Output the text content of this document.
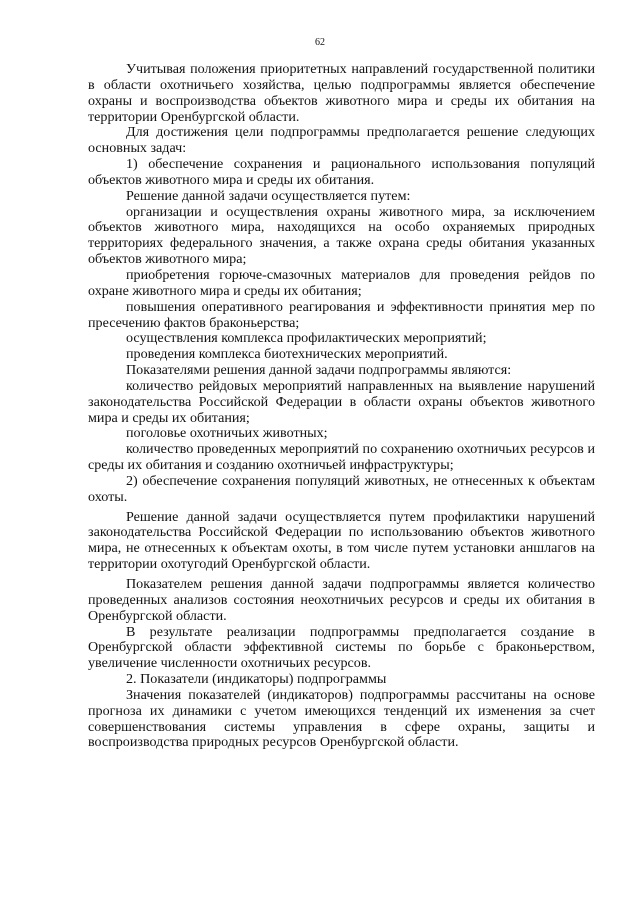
62

Учитывая положения приоритетных направлений государственной политики в области охотничьего хозяйства, целью подпрограммы является обеспечение охраны и воспроизводства объектов животного мира и среды их обитания на территории Оренбургской области.

Для достижения цели подпрограммы предполагается решение следующих основных задач:

1) обеспечение сохранения и рационального использования популяций объектов животного мира и среды их обитания.

Решение данной задачи осуществляется путем:

организации и осуществления охраны животного мира, за исключением объектов животного мира, находящихся на особо охраняемых природных территориях федерального значения, а также охрана среды обитания указанных объектов животного мира;

приобретения горюче-смазочных материалов для проведения рейдов по охране животного мира и среды их обитания;

повышения оперативного реагирования и эффективности принятия мер по пресечению фактов браконьерства;

осуществления комплекса профилактических мероприятий;

проведения комплекса биотехнических мероприятий.

Показателями решения данной задачи подпрограммы являются:

количество рейдовых мероприятий направленных на выявление нарушений законодательства Российской Федерации в области охраны объектов животного мира и среды их обитания;

поголовье охотничьих животных;

количество проведенных мероприятий по сохранению охотничьих ресурсов и среды их обитания и созданию охотничьей инфраструктуры;

2) обеспечение сохранения популяций животных, не отнесенных к объектам охоты.

Решение данной задачи осуществляется путем профилактики нарушений законодательства Российской Федерации по использованию объектов животного мира, не отнесенных к объектам охоты, в том числе путем установки аншлагов на территории охотугодий Оренбургской области.

Показателем решения данной задачи подпрограммы является количество проведенных анализов состояния неохотничьих ресурсов и среды их обитания в Оренбургской области.

В результате реализации подпрограммы предполагается создание в Оренбургской области эффективной системы по борьбе с браконьерством, увеличение численности охотничьих ресурсов.

2. Показатели (индикаторы) подпрограммы

Значения показателей (индикаторов) подпрограммы рассчитаны на основе прогноза их динамики с учетом имеющихся тенденций их изменения за счет совершенствования системы управления в сфере охраны, защиты и воспроизводства природных ресурсов Оренбургской области.
